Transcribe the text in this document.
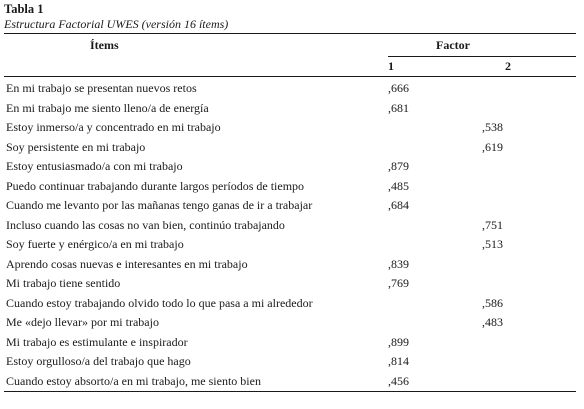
Tabla 1
Estructura Factorial UWES (versión 16 ítems)
Ítems	Factor	
	1	2
En mi trabajo se presentan nuevos retos	,666	
En mi trabajo me siento lleno/a de energía	,681	
Estoy inmerso/a y concentrado en mi trabajo		,538
Soy persistente en mi trabajo		,619
Estoy entusiasmado/a con mi trabajo	,879	
Puedo continuar trabajando durante largos períodos de tiempo	,485	
Cuando me levanto por las mañanas tengo ganas de ir a trabajar	,684	
Incluso cuando las cosas no van bien, continúo trabajando		,751
Soy fuerte y enérgico/a en mi trabajo		,513
Aprendo cosas nuevas e interesantes en mi trabajo	,839	
Mi trabajo tiene sentido	,769	
Cuando estoy trabajando olvido todo lo que pasa a mi alrededor		,586
Me «dejo llevar» por mi trabajo		,483
Mi trabajo es estimulante e inspirador	,899	
Estoy orgulloso/a del trabajo que hago	,814	
Cuando estoy absorto/a en mi trabajo, me siento bien	,456	
